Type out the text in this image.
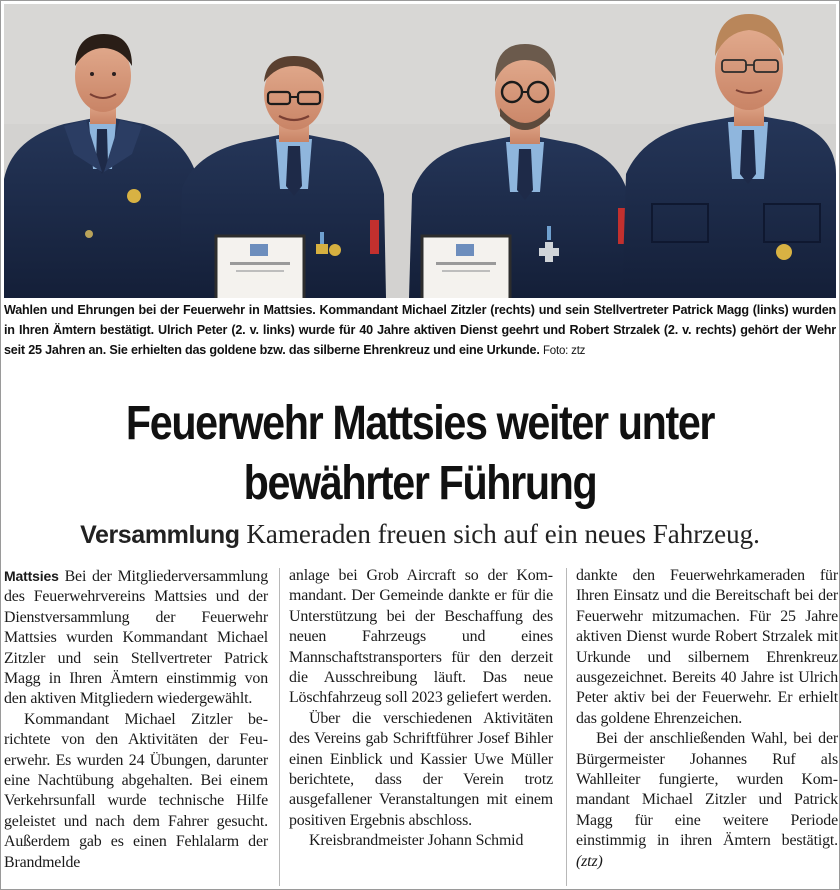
Wahlen und Ehrungen bei der Feuerwehr in Mattsies. Kommandant Michael Zitzler (rechts) und sein Stellvertreter Patrick Magg (links) wurden in Ihren Ämtern bestätigt. Ulrich Peter (2. v. links) wurde für 40 Jahre aktiven Dienst geehrt und Robert Strzalek (2. v. rechts) gehört der Wehr seit 25 Jahren an. Sie erhielten das goldene bzw. das silberne Ehrenkreuz und eine Urkunde. Foto: ztz
Feuerwehr Mattsies weiter unter
bewährter Führung
Versammlung Kameraden freuen sich auf ein neues Fahrzeug.

Mattsies Bei der Mitgliederversammlung des Feuerwehrvereins Mattsies und der Dienstversammlung der Feuerwehr Mattsies wurden Kommandant Michael Zitzler und sein Stellvertreter Patrick Magg in Ihren Ämtern einstimmig von den aktiven Mitgliedern wiedergewählt.

Kommandant Michael Zitzler berichtete von den Aktivitäten der Feuerwehr. Es wurden 24 Übungen, darunter eine Nachtübung abgehalten. Bei einem Verkehrsunfall wurde technische Hilfe geleistet und nach dem Fahrer gesucht. Außerdem gab es einen Fehlalarm der Brandmelde

anlage bei Grob Aircraft so der Kommandant. Der Gemeinde dankte er für die Unterstützung bei der Beschaffung des neuen Fahrzeugs und eines Mannschaftstransporters für den derzeit die Ausschreibung läuft. Das neue Löschfahrzeug soll 2023 geliefert werden.

Über die verschiedenen Aktivitäten des Vereins gab Schriftführer Josef Bihler einen Einblick und Kassier Uwe Müller berichtete, dass der Verein trotz ausgefallener Veranstaltungen mit einem positiven Ergebnis abschloss.

Kreisbrandmeister Johann Schmid

dankte den Feuerwehrkameraden für Ihren Einsatz und die Bereitschaft bei der Feuerwehr mitzumachen. Für 25 Jahre aktiven Dienst wurde Robert Strzalek mit Urkunde und silbernem Ehrenkreuz ausgezeichnet. Bereits 40 Jahre ist Ulrich Peter aktiv bei der Feuerwehr. Er erhielt das goldene Ehrenzeichen.

Bei der anschließenden Wahl, bei der Bürgermeister Johannes Ruf als Wahlleiter fungierte, wurden Kommandant Michael Zitzler und Patrick Magg für eine weitere Periode einstimmig in ihren Ämtern bestätigt. (ztz)
